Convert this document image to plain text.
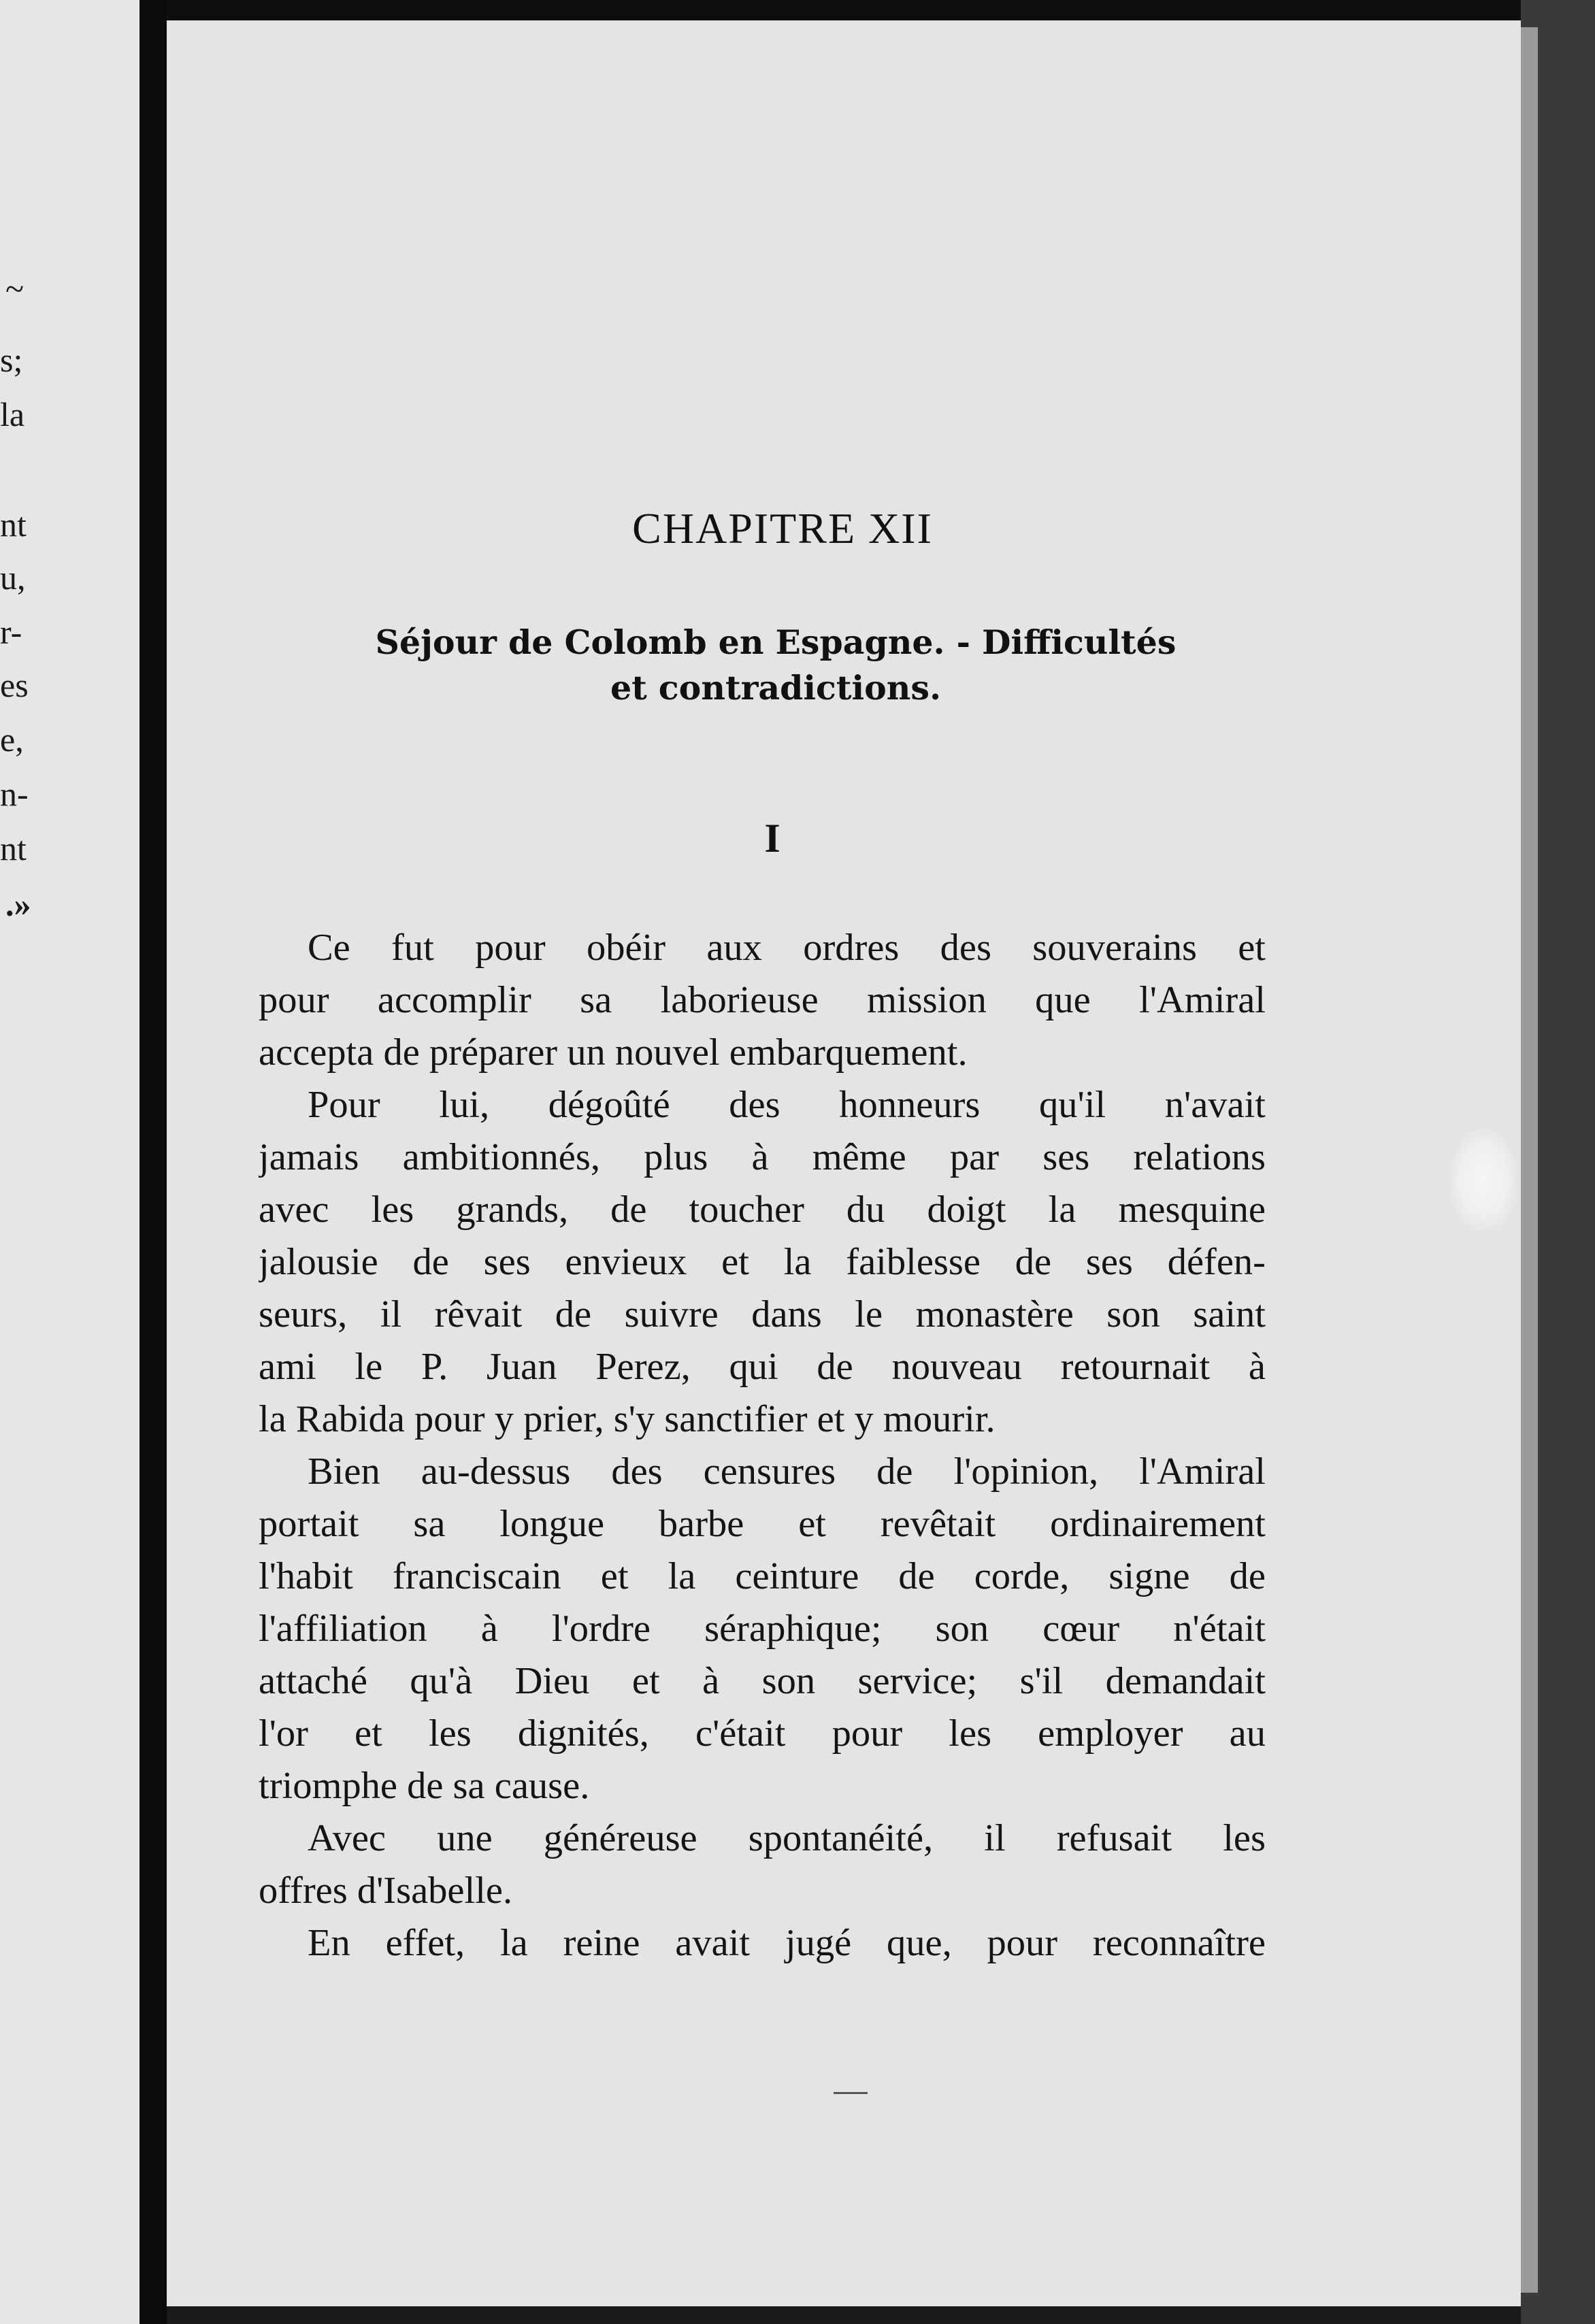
~
s;
la
nt
u,
r-
es
e,
n-
nt
.»
CHAPITRE XII
Séjour de Colomb en Espagne. - Difficultés
et contradictions.
I
Ce fut pour obéir aux ordres des souverains et
pour accomplir sa laborieuse mission que l'Amiral
accepta de préparer un nouvel embarquement.
Pour lui, dégoûté des honneurs qu'il n'avait
jamais ambitionnés, plus à même par ses relations
avec les grands, de toucher du doigt la mesquine
jalousie de ses envieux et la faiblesse de ses défen-
seurs, il rêvait de suivre dans le monastère son saint
ami le P. Juan Perez, qui de nouveau retournait à
la Rabida pour y prier, s'y sanctifier et y mourir.
Bien au-dessus des censures de l'opinion, l'Amiral
portait sa longue barbe et revêtait ordinairement
l'habit franciscain et la ceinture de corde, signe de
l'affiliation à l'ordre séraphique; son cœur n'était
attaché qu'à Dieu et à son service; s'il demandait
l'or et les dignités, c'était pour les employer au
triomphe de sa cause.
Avec une généreuse spontanéité, il refusait les
offres d'Isabelle.
En effet, la reine avait jugé que, pour reconnaître
